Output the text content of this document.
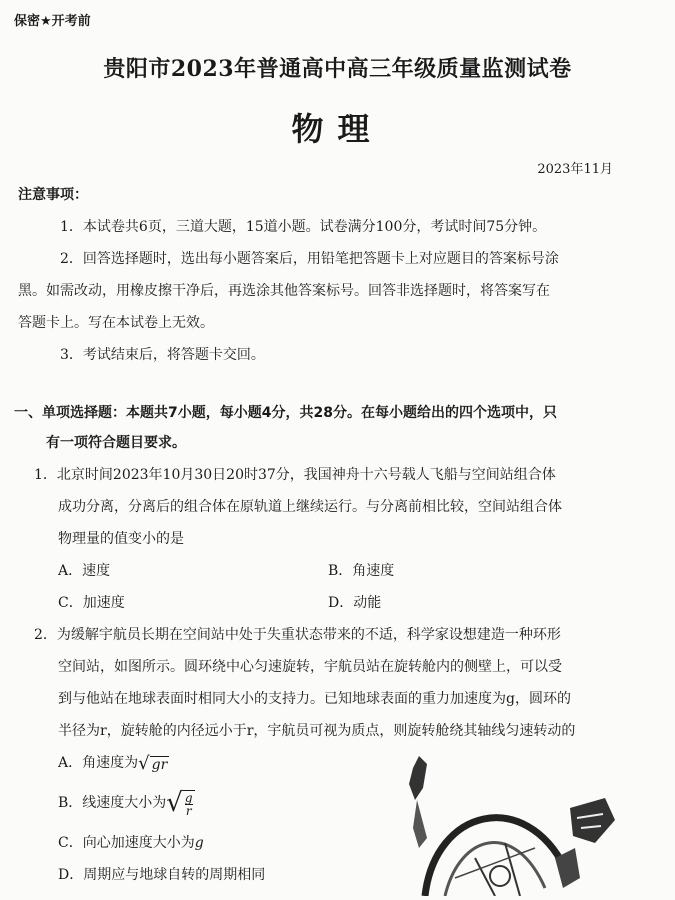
保密★开考前
贵阳市2023年普通高中高三年级质量监测试卷
物理
2023年11月
注意事项：
1．本试卷共6页，三道大题，15道小题。试卷满分100分，考试时间75分钟。
2．回答选择题时，选出每小题答案后，用铅笔把答题卡上对应题目的答案标号涂
黑。如需改动，用橡皮擦干净后，再选涂其他答案标号。回答非选择题时，将答案写在
答题卡上。写在本试卷上无效。
3．考试结束后，将答题卡交回。
一、单项选择题：本题共7小题，每小题4分，共28分。在每小题给出的四个选项中，只
有一项符合题目要求。
1．北京时间2023年10月30日20时37分，我国神舟十六号载人飞船与空间站组合体
成功分离，分离后的组合体在原轨道上继续运行。与分离前相比较，空间站组合体
物理量的值变小的是
A．速度	B．角速度
C．加速度	D．动能
2．为缓解宇航员长期在空间站中处于失重状态带来的不适，科学家设想建造一种环形
空间站，如图所示。圆环绕中心匀速旋转，宇航员站在旋转舱内的侧壁上，可以受
到与他站在地球表面时相同大小的支持力。已知地球表面的重力加速度为g，圆环的
半径为r，旋转舱的内径远小于r，宇航员可视为质点，则旋转舱绕其轴线匀速转动的
A．角速度为√ gr
B．线速度大小为√ $\frac{g}{r}$
C．向心加速度大小为g
D．周期应与地球自转的周期相同
